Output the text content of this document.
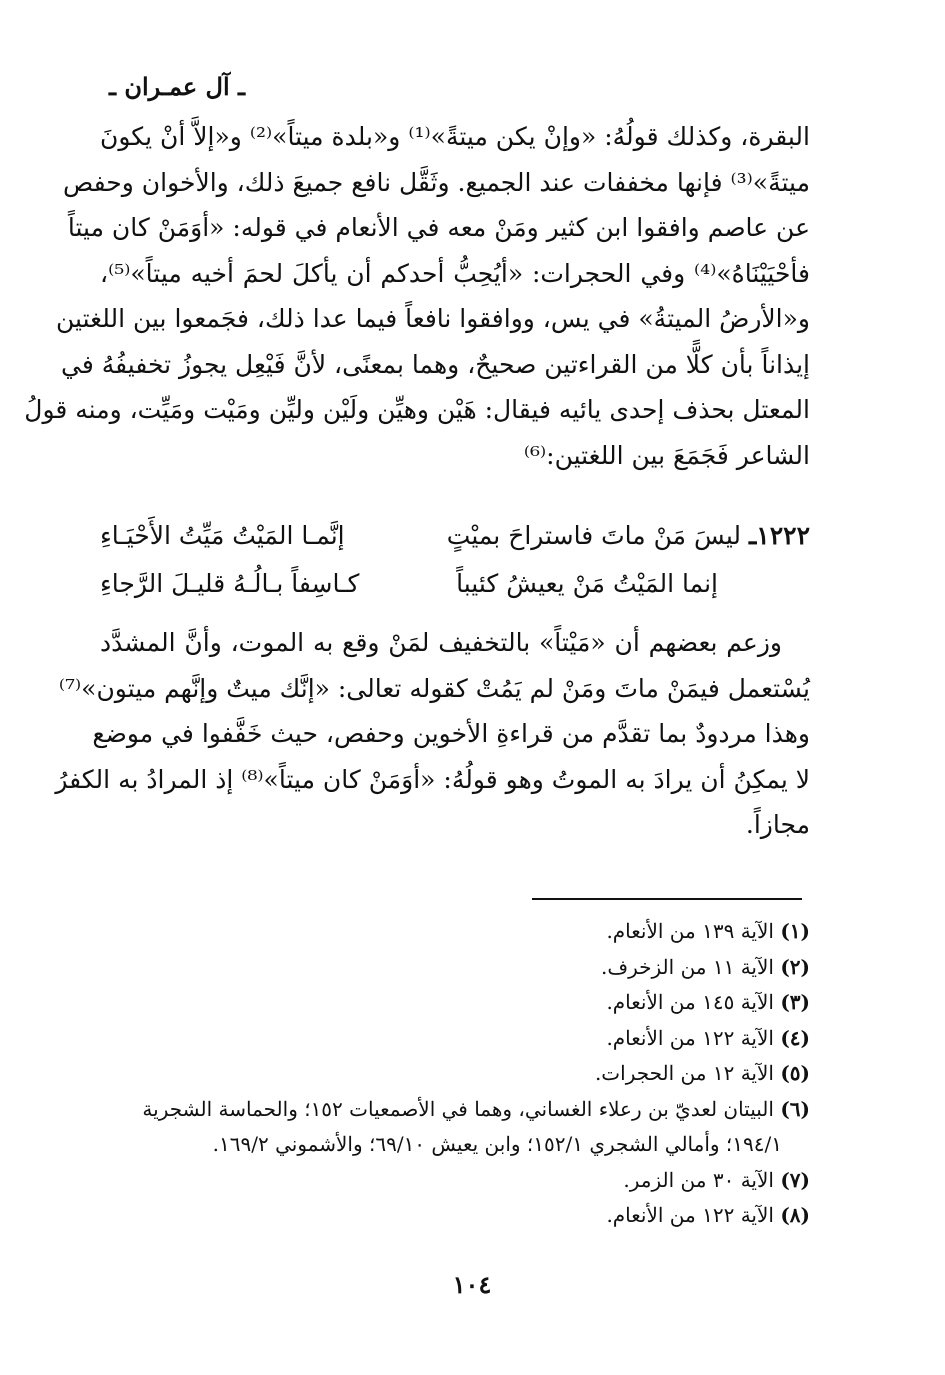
ـ آل عمـران ـ
البقرة، وكذلك قولُهُ: «وإنْ يكن ميتةً»⁽¹⁾ و«بلدة ميتاً»⁽²⁾ و«إلاَّ أنْ يكونَ
ميتةً»⁽³⁾ فإنها مخففات عند الجميع. وثَقَّل نافع جميعَ ذلك، والأخوان وحفص
عن عاصم وافقوا ابن كثير ومَنْ معه في الأنعام في قوله: «أوَمَنْ كان ميتاً
فأحْيَيْنَاهُ»⁽⁴⁾ وفي الحجرات: «أيُحِبُّ أحدكم أن يأكلَ لحمَ أخيه ميتاً»⁽⁵⁾،
و«الأرضُ الميتةُ» في يس، ووافقوا نافعاً فيما عدا ذلك، فجَمعوا بين اللغتين
إيذاناً بأن كلًّا من القراءتين صحيحٌ، وهما بمعنًى، لأنَّ فَيْعِل يجوزُ تخفيفُهُ في
المعتل بحذف إحدى يائيه فيقال: هَيْن وهيِّن ولَيْن وليِّن ومَيْت ومَيِّت، ومنه قولُ
الشاعر فَجَمَعَ بين اللغتين:⁽⁶⁾
١٢٢٢ـ ليسَ مَنْ ماتَ فاستراحَ بميْتٍ
إنَّمـا المَيْتُ مَيِّتُ الأَحْيَـاءِ
إنما المَيْتُ مَنْ يعيشُ كئيباً
كـاسِفاً بـالُـهُ قليـلَ الرَّجاءِ
وزعم بعضهم أن «مَيْتاً» بالتخفيف لمَنْ وقع به الموت، وأنَّ المشدَّد
يُسْتعمل فيمَنْ ماتَ ومَنْ لم يَمُتْ كقوله تعالى: «إنَّك ميتٌ وإنَّهم ميتون»⁽⁷⁾
وهذا مردودٌ بما تقدَّم من قراءةِ الأخوين وحفص، حيث خَفَّفوا في موضع
لا يمكِنُ أن يرادَ به الموتُ وهو قولُهُ: «أوَمَنْ كان ميتاً»⁽⁸⁾ إذ المرادُ به الكفرُ
مجازاً.
(١) الآية ١٣٩ من الأنعام.
(٢) الآية ١١ من الزخرف.
(٣) الآية ١٤٥ من الأنعام.
(٤) الآية ١٢٢ من الأنعام.
(٥) الآية ١٢ من الحجرات.
(٦) البيتان لعديّ بن رعلاء الغساني، وهما في الأصمعيات ١٥٢؛ والحماسة الشجرية
١٩٤/١؛ وأمالي الشجري ١٥٢/١؛ وابن يعيش ٦٩/١٠؛ والأشموني ١٦٩/٢.
(٧) الآية ٣٠ من الزمر.
(٨) الآية ١٢٢ من الأنعام.
١٠٤
